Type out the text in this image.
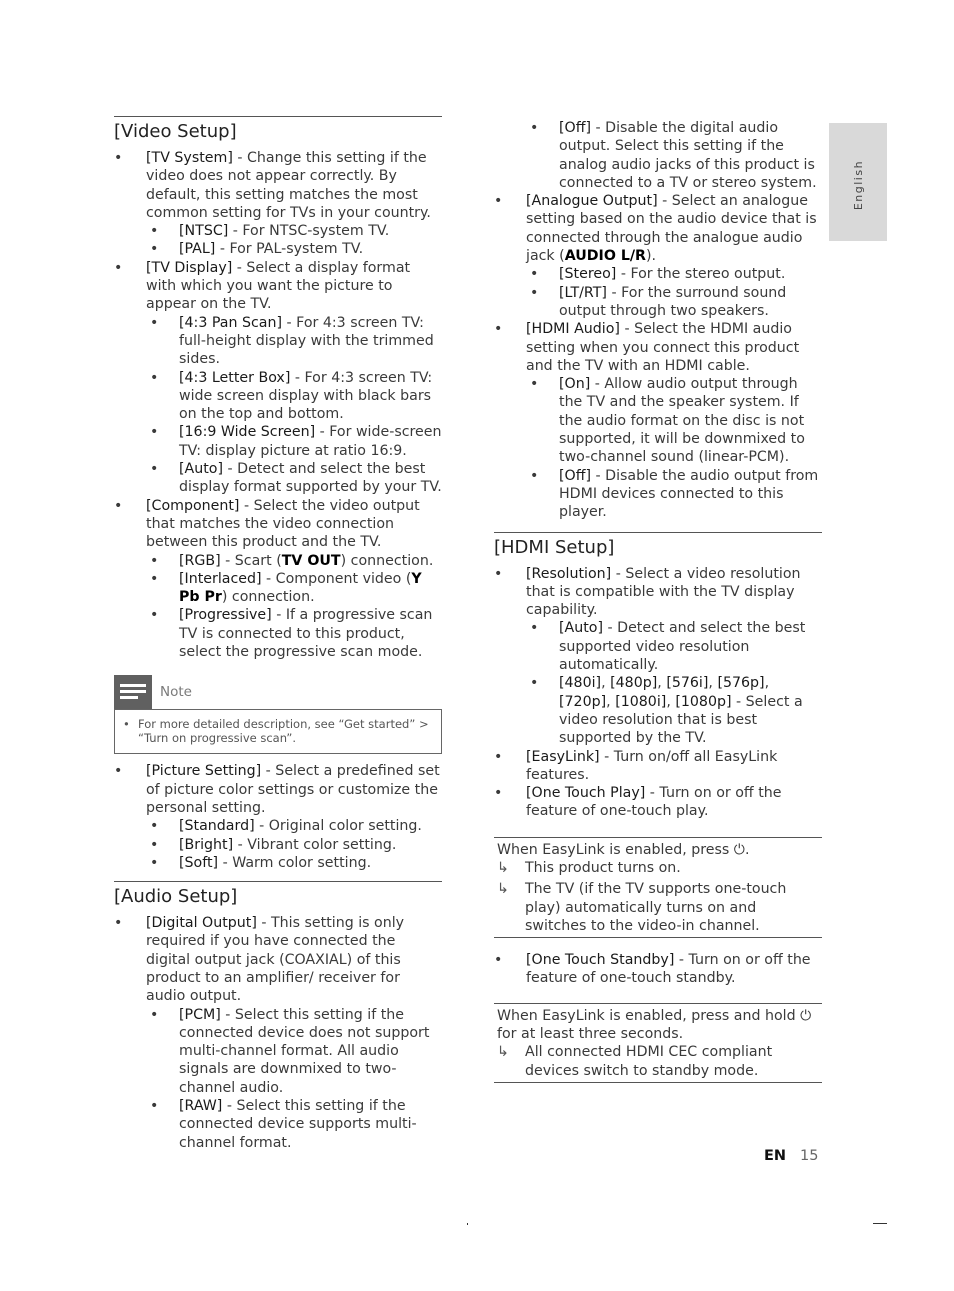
English
[Video Setup]
• [TV System] - Change this setting if the video does not appear correctly. By default, this setting matches the most common setting for TVs in your country.
• [NTSC] - For NTSC-system TV.
• [PAL] - For PAL-system TV.
• [TV Display] - Select a display format with which you want the picture to appear on the TV.
• [4:3 Pan Scan] - For 4:3 screen TV: full-height display with the trimmed sides.
• [4:3 Letter Box] - For 4:3 screen TV: wide screen display with black bars on the top and bottom.
• [16:9 Wide Screen] - For wide-screen TV: display picture at ratio 16:9.
• [Auto] - Detect and select the best display format supported by your TV.
• [Component] - Select the video output that matches the video connection between this product and the TV.
• [RGB] - Scart (TV OUT) connection.
• [Interlaced] - Component video (Y Pb Pr) connection.
• [Progressive] - If a progressive scan TV is connected to this product, select the progressive scan mode.
Note
• For more detailed description, see “Get started” > “Turn on progressive scan”.
• [Picture Setting] - Select a predefined set of picture color settings or customize the personal setting.
• [Standard] - Original color setting.
• [Bright] - Vibrant color setting.
• [Soft] - Warm color setting.
[Audio Setup]
• [Digital Output] - This setting is only required if you have connected the digital output jack (COAXIAL) of this product to an amplifier/ receiver for audio output.
• [PCM] - Select this setting if the connected device does not support multi-channel format. All audio signals are downmixed to two-channel audio.
• [RAW] - Select this setting if the connected device supports multi-channel format.
• [Off] - Disable the digital audio output. Select this setting if the analog audio jacks of this product is connected to a TV or stereo system.
• [Analogue Output] - Select an analogue setting based on the audio device that is connected through the analogue audio jack (AUDIO L/R).
• [Stereo] - For the stereo output.
• [LT/RT] - For the surround sound output through two speakers.
• [HDMI Audio] - Select the HDMI audio setting when you connect this product and the TV with an HDMI cable.
• [On] - Allow audio output through the TV and the speaker system. If the audio format on the disc is not supported, it will be downmixed to two-channel sound (linear-PCM).
• [Off] - Disable the audio output from HDMI devices connected to this player.
[HDMI Setup]
• [Resolution] - Select a video resolution that is compatible with the TV display capability.
• [Auto] - Detect and select the best supported video resolution automatically.
• [480i], [480p], [576i], [576p], [720p], [1080i], [1080p] - Select a video resolution that is best supported by the TV.
• [EasyLink] - Turn on/off all EasyLink features.
• [One Touch Play] - Turn on or off the feature of one-touch play.
When EasyLink is enabled, press ⏻.
↳	This product turns on.
↳	The TV (if the TV supports one-touch play) automatically turns on and switches to the video-in channel.
• [One Touch Standby] - Turn on or off the feature of one-touch standby.
When EasyLink is enabled, press and hold ⏻ for at least three seconds.
↳	All connected HDMI CEC compliant devices switch to standby mode.
EN 15
